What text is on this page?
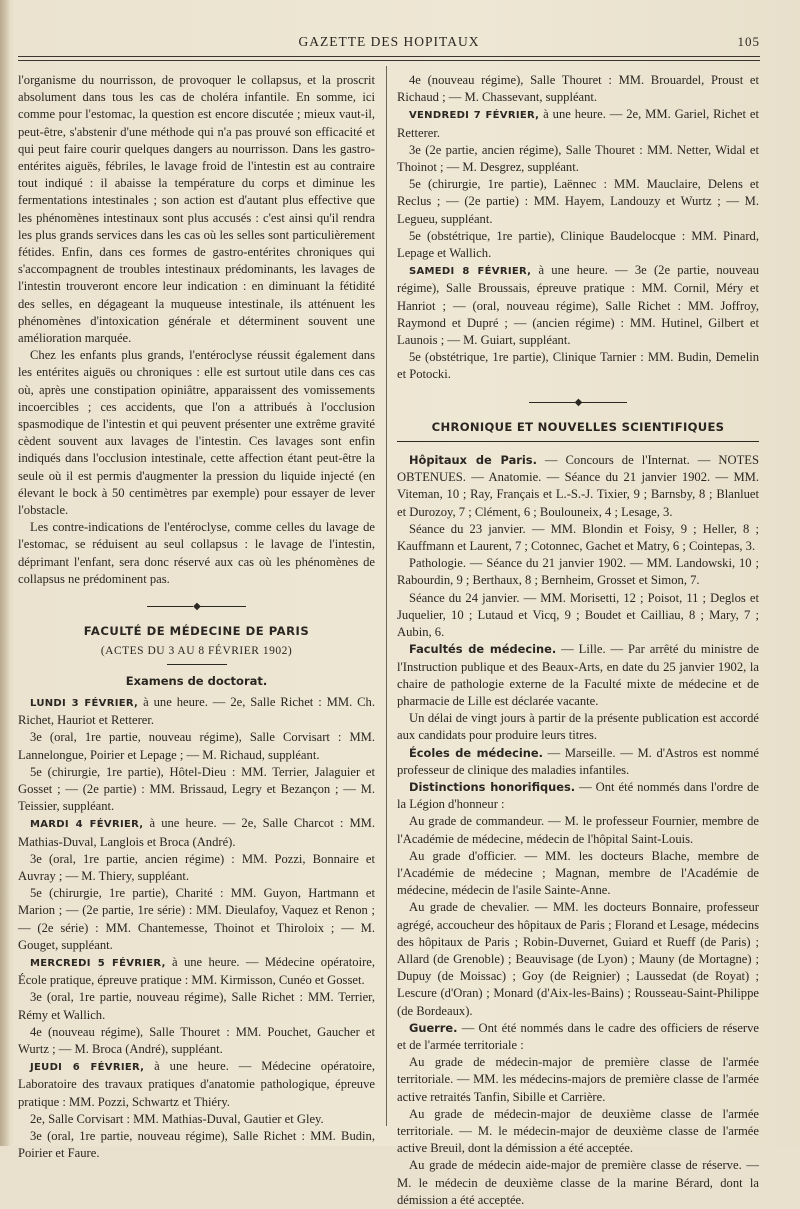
GAZETTE DES HOPITAUX	105

l'organisme du nourrisson, de provoquer le collapsus, et la proscrit absolument dans tous les cas de choléra infantile. En somme, ici comme pour l'estomac, la question est encore discutée ; mieux vaut-il, peut-être, s'abstenir d'une méthode qui n'a pas prouvé son efficacité et qui peut faire courir quelques dangers au nourrisson. Dans les gastro-entérites aiguës, fébriles, le lavage froid de l'intestin est au contraire tout indiqué : il abaisse la température du corps et diminue les fermentations intestinales ; son action est d'autant plus effective que les phénomènes intestinaux sont plus accusés : c'est ainsi qu'il rendra les plus grands services dans les cas où les selles sont particulièrement fétides. Enfin, dans ces formes de gastro-entérites chroniques qui s'accompagnent de troubles intestinaux prédominants, les lavages de l'intestin trouveront encore leur indication : en diminuant la fétidité des selles, en dégageant la muqueuse intestinale, ils atténuent les phénomènes d'intoxication générale et déterminent souvent une amélioration marquée.

Chez les enfants plus grands, l'entéroclyse réussit également dans les entérites aiguës ou chroniques : elle est surtout utile dans ces cas où, après une constipation opiniâtre, apparaissent des vomissements incoercibles ; ces accidents, que l'on a attribués à l'occlusion spasmodique de l'intestin et qui peuvent présenter une extrême gravité cèdent souvent aux lavages de l'intestin. Ces lavages sont enfin indiqués dans l'occlusion intestinale, cette affection étant peut-être la seule où il est permis d'augmenter la pression du liquide injecté (en élevant le bock à 50 centimètres par exemple) pour essayer de lever l'obstacle.

Les contre-indications de l'entéroclyse, comme celles du lavage de l'estomac, se réduisent au seul collapsus : le lavage de l'intestin, déprimant l'enfant, sera donc réservé aux cas où les phénomènes de collapsus ne prédominent pas.

◆
FACULTÉ DE MÉDECINE DE PARIS
(ACTES DU 3 AU 8 FÉVRIER 1902)
Examens de doctorat.

LUNDI 3 FÉVRIER, à une heure. — 2e, Salle Richet : MM. Ch. Richet, Hauriot et Retterer.

3e (oral, 1re partie, nouveau régime), Salle Corvisart : MM. Lannelongue, Poirier et Lepage ; — M. Richaud, suppléant.

5e (chirurgie, 1re partie), Hôtel-Dieu : MM. Terrier, Jalaguier et Gosset ; — (2e partie) : MM. Brissaud, Legry et Bezançon ; — M. Teissier, suppléant.

MARDI 4 FÉVRIER, à une heure. — 2e, Salle Charcot : MM. Mathias-Duval, Langlois et Broca (André).

3e (oral, 1re partie, ancien régime) : MM. Pozzi, Bonnaire et Auvray ; — M. Thiery, suppléant.

5e (chirurgie, 1re partie), Charité : MM. Guyon, Hartmann et Marion ; — (2e partie, 1re série) : MM. Dieulafoy, Vaquez et Renon ; — (2e série) : MM. Chantemesse, Thoinot et Thiroloix ; — M. Gouget, suppléant.

MERCREDI 5 FÉVRIER, à une heure. — Médecine opératoire, École pratique, épreuve pratique : MM. Kirmisson, Cunéo et Gosset.

3e (oral, 1re partie, nouveau régime), Salle Richet : MM. Terrier, Rémy et Wallich.

4e (nouveau régime), Salle Thouret : MM. Pouchet, Gaucher et Wurtz ; — M. Broca (André), suppléant.

JEUDI 6 FÉVRIER, à une heure. — Médecine opératoire, Laboratoire des travaux pratiques d'anatomie pathologique, épreuve pratique : MM. Pozzi, Schwartz et Thiéry.

2e, Salle Corvisart : MM. Mathias-Duval, Gautier et Gley.

3e (oral, 1re partie, nouveau régime), Salle Richet : MM. Budin, Poirier et Faure.

4e (nouveau régime), Salle Thouret : MM. Brouardel, Proust et Richaud ; — M. Chassevant, suppléant.

VENDREDI 7 FÉVRIER, à une heure. — 2e, MM. Gariel, Richet et Retterer.

3e (2e partie, ancien régime), Salle Thouret : MM. Netter, Widal et Thoinot ; — M. Desgrez, suppléant.

5e (chirurgie, 1re partie), Laënnec : MM. Mauclaire, Delens et Reclus ; — (2e partie) : MM. Hayem, Landouzy et Wurtz ; — M. Legueu, suppléant.

5e (obstétrique, 1re partie), Clinique Baudelocque : MM. Pinard, Lepage et Wallich.

SAMEDI 8 FÉVRIER, à une heure. — 3e (2e partie, nouveau régime), Salle Broussais, épreuve pratique : MM. Cornil, Méry et Hanriot ; — (oral, nouveau régime), Salle Richet : MM. Joffroy, Raymond et Dupré ; — (ancien régime) : MM. Hutinel, Gilbert et Launois ; — M. Guiart, suppléant.

5e (obstétrique, 1re partie), Clinique Tarnier : MM. Budin, Demelin et Potocki.

◆
CHRONIQUE ET NOUVELLES SCIENTIFIQUES

Hôpitaux de Paris. — Concours de l'Internat. — NOTES OBTENUES. — Anatomie. — Séance du 21 janvier 1902. — MM. Viteman, 10 ; Ray, Français et L.-S.-J. Tixier, 9 ; Barnsby, 8 ; Blanluet et Durozoy, 7 ; Clément, 6 ; Boulouneix, 4 ; Lesage, 3.

Séance du 23 janvier. — MM. Blondin et Foisy, 9 ; Heller, 8 ; Kauffmann et Laurent, 7 ; Cotonnec, Gachet et Matry, 6 ; Cointepas, 3.

Pathologie. — Séance du 21 janvier 1902. — MM. Landowski, 10 ; Rabourdin, 9 ; Berthaux, 8 ; Bernheim, Grosset et Simon, 7.

Séance du 24 janvier. — MM. Morisetti, 12 ; Poisot, 11 ; Deglos et Juquelier, 10 ; Lutaud et Vicq, 9 ; Boudet et Cailliau, 8 ; Mary, 7 ; Aubin, 6.

Facultés de médecine. — Lille. — Par arrêté du ministre de l'Instruction publique et des Beaux-Arts, en date du 25 janvier 1902, la chaire de pathologie externe de la Faculté mixte de médecine et de pharmacie de Lille est déclarée vacante.

Un délai de vingt jours à partir de la présente publication est accordé aux candidats pour produire leurs titres.

Écoles de médecine. — Marseille. — M. d'Astros est nommé professeur de clinique des maladies infantiles.

Distinctions honorifiques. — Ont été nommés dans l'ordre de la Légion d'honneur :

Au grade de commandeur. — M. le professeur Fournier, membre de l'Académie de médecine, médecin de l'hôpital Saint-Louis.

Au grade d'officier. — MM. les docteurs Blache, membre de l'Académie de médecine ; Magnan, membre de l'Académie de médecine, médecin de l'asile Sainte-Anne.

Au grade de chevalier. — MM. les docteurs Bonnaire, professeur agrégé, accoucheur des hôpitaux de Paris ; Florand et Lesage, médecins des hôpitaux de Paris ; Robin-Duvernet, Guiard et Rueff (de Paris) ; Allard (de Grenoble) ; Beauvisage (de Lyon) ; Mauny (de Mortagne) ; Dupuy (de Moissac) ; Goy (de Reignier) ; Laussedat (de Royat) ; Lescure (d'Oran) ; Monard (d'Aix-les-Bains) ; Rousseau-Saint-Philippe (de Bordeaux).

Guerre. — Ont été nommés dans le cadre des officiers de réserve et de l'armée territoriale :

Au grade de médecin-major de première classe de l'armée territoriale. — MM. les médecins-majors de première classe de l'armée active retraités Tanfin, Sibille et Carrière.

Au grade de médecin-major de deuxième classe de l'armée territoriale. — M. le médecin-major de deuxième classe de l'armée active Breuil, dont la démission a été acceptée.

Au grade de médecin aide-major de première classe de réserve. — M. le médecin de deuxième classe de la marine Bérard, dont la démission a été acceptée.
